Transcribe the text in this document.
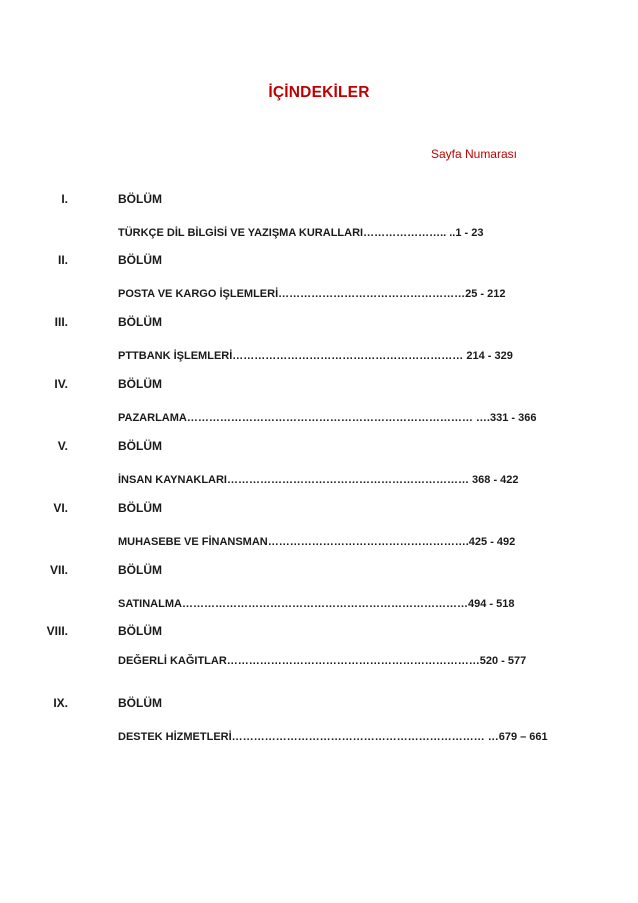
İÇİNDEKİLER
Sayfa Numarası
I.	BÖLÜM
TÜRKÇE DİL BİLGİSİ VE YAZIŞMA KURALLARI………………….. ..1 - 23
II.	BÖLÜM
POSTA VE KARGO İŞLEMLERİ……………………………………………25 - 212
III.	BÖLÜM
PTTBANK İŞLEMLERİ……………………………………………………… 214 - 329
IV.	BÖLÜM
PAZARLAMA…………………………………………………………………… ….331 - 366
V.	BÖLÜM
İNSAN KAYNAKLARI………………………………………………………… 368 - 422
VI.	BÖLÜM
MUHASEBE VE FİNANSMAN……………………………………………….425 - 492
VII.	BÖLÜM
SATINALMA……………………………………………………………………494 - 518
VIII.	BÖLÜM
DEĞERLİ KAĞITLAR……………………………………………………………520 - 577
IX.	BÖLÜM
DESTEK HİZMETLERİ…………………………………………………………… …679 – 661
